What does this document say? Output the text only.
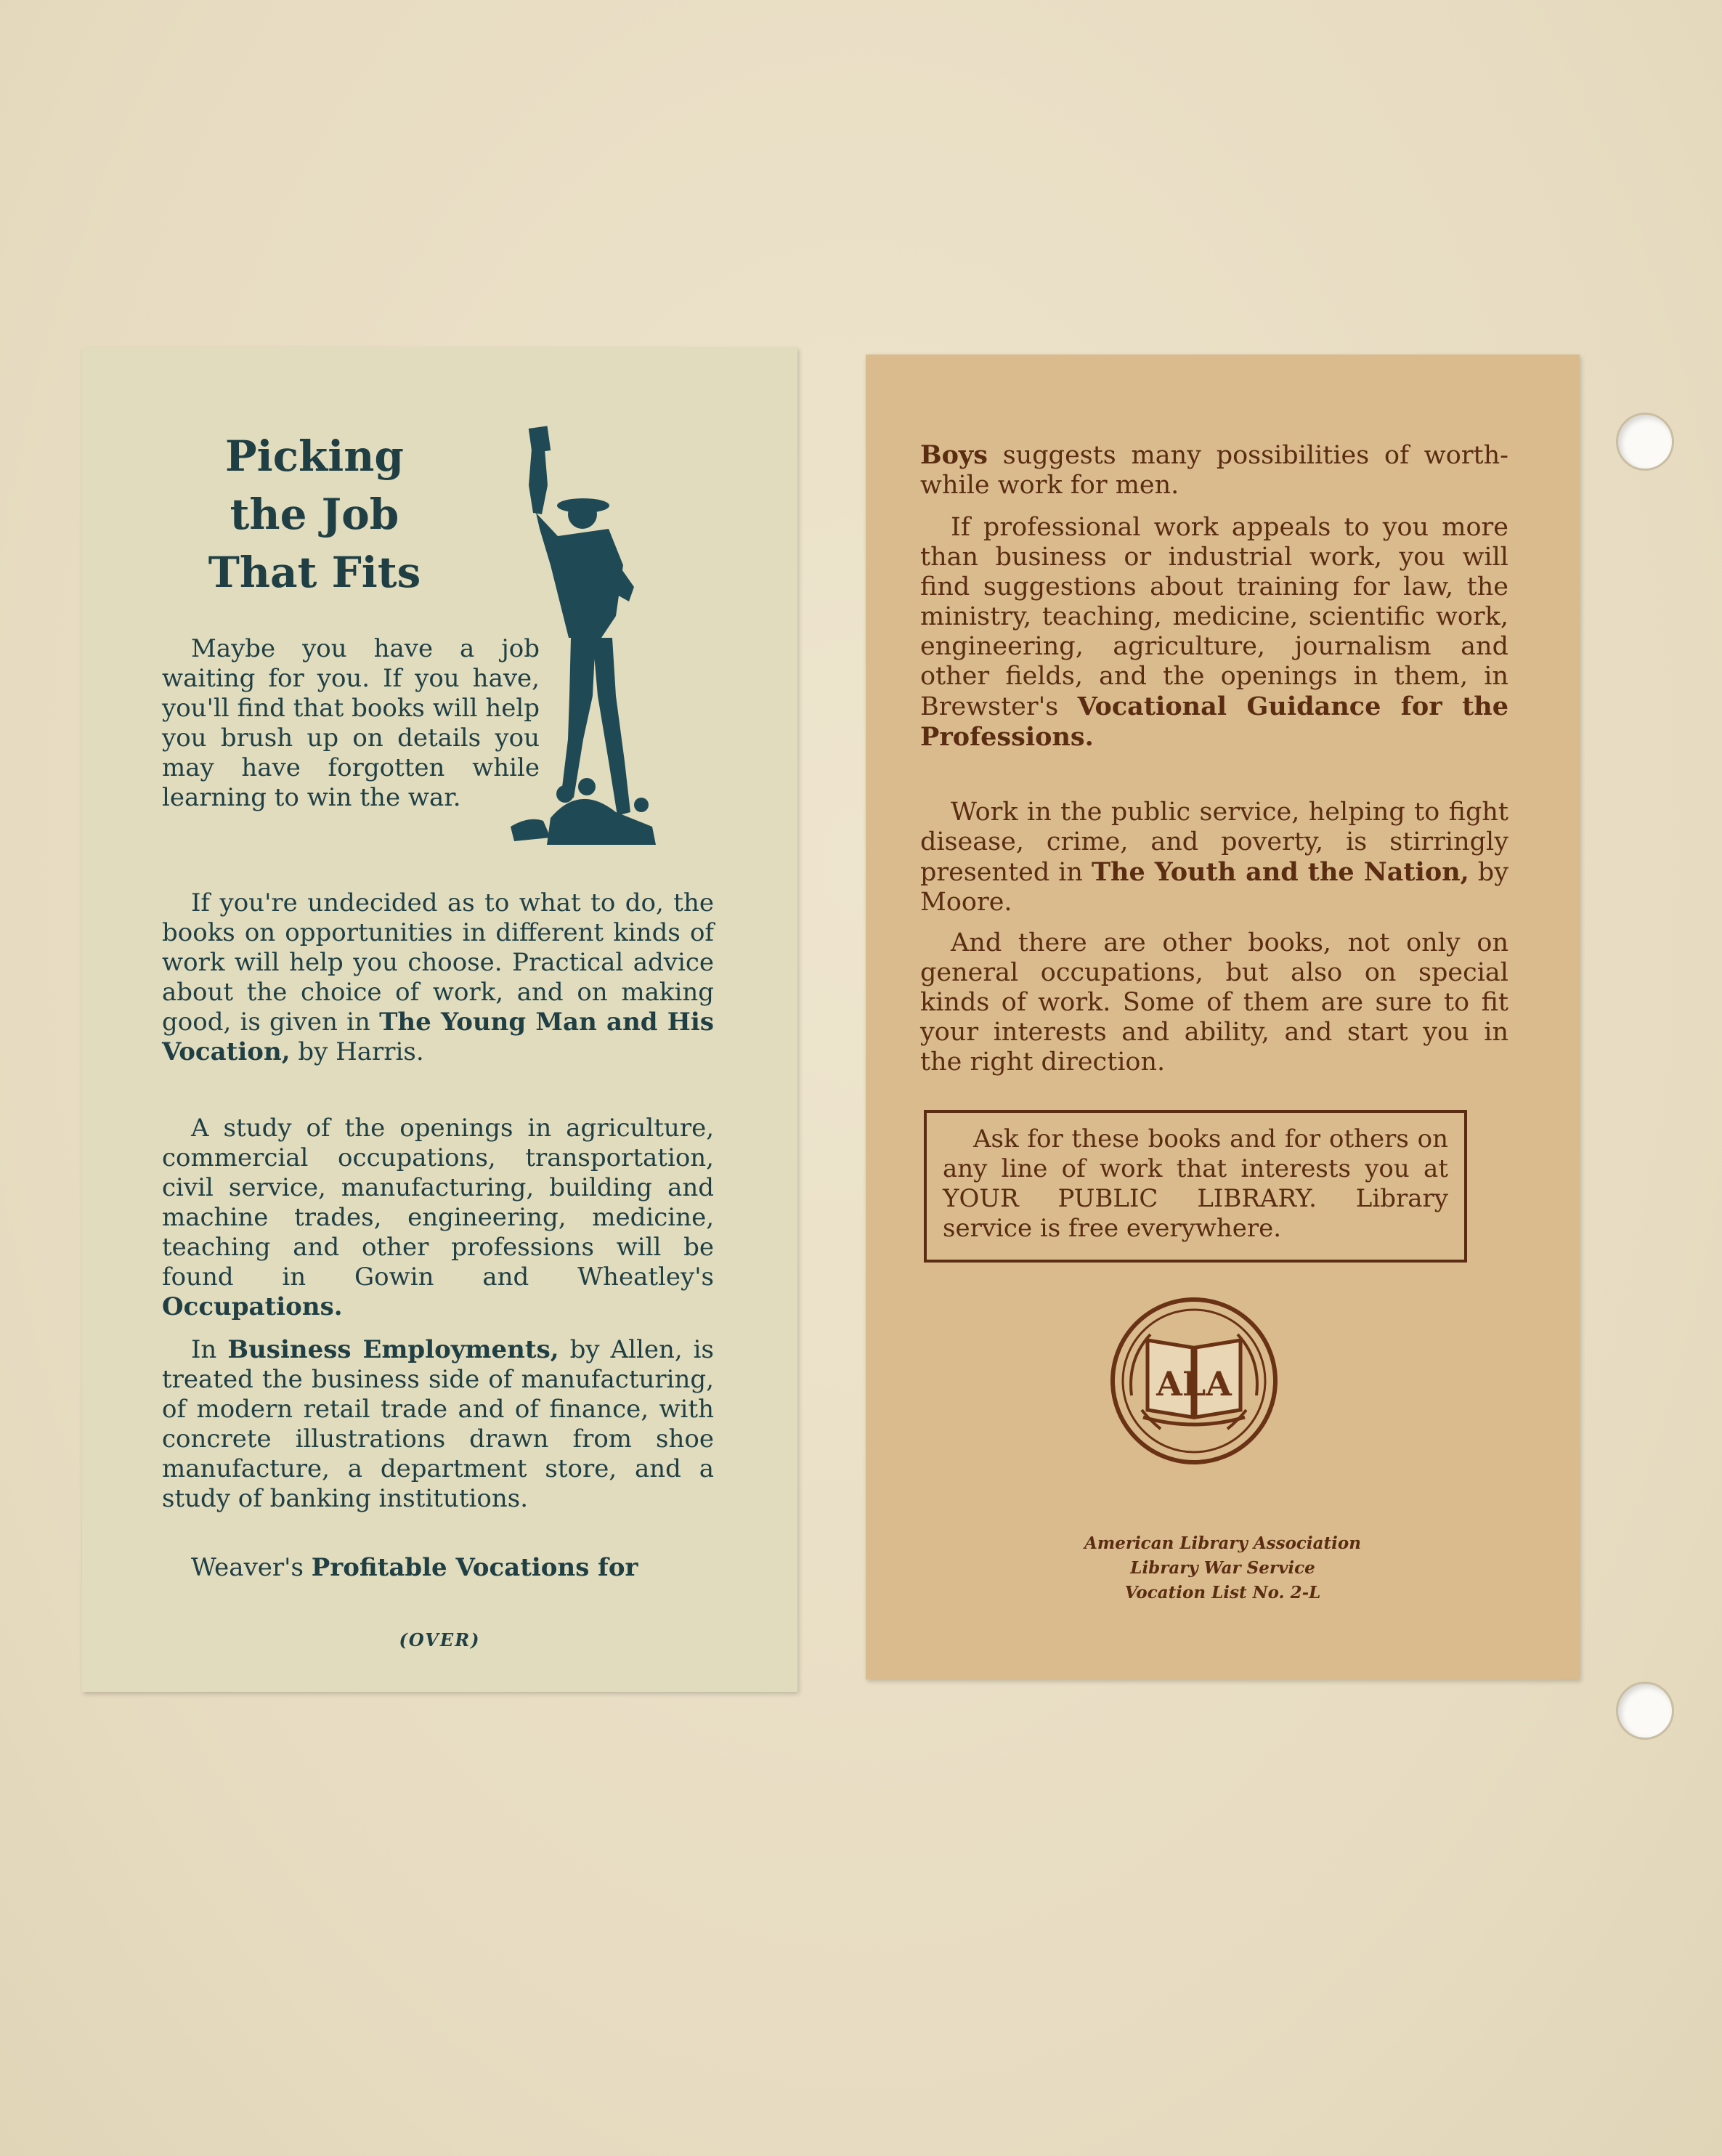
Picking
the Job
That Fits

Maybe you have a job waiting for you. If you have, you'll find that books will help you brush up on details you may have forgotten while learning to win the war.

If you're undecided as to what to do, the books on opportunities in different kinds of work will help you choose. Practical advice about the choice of work, and on making good, is given in The Young Man and His Vocation, by Harris.

A study of the openings in agriculture, commercial occupations, transportation, civil service, manufacturing, building and machine trades, engineering, medicine, teaching and other professions will be found in Gowin and Wheatley's Occupations.

In Business Employments, by Allen, is treated the business side of manufacturing, of modern retail trade and of finance, with concrete illustrations drawn from shoe manufacture, a department store, and a study of banking institutions.

Weaver's Profitable Vocations for

(OVER)

Boys suggests many possibilities of worth-while work for men.

If professional work appeals to you more than business or industrial work, you will find suggestions about training for law, the ministry, teaching, medicine, scientific work, engineering, agriculture, journalism and other fields, and the openings in them, in Brewster's Vocational Guidance for the Professions.

Work in the public service, helping to fight disease, crime, and poverty, is stirringly presented in The Youth and the Nation, by Moore.

And there are other books, not only on general occupations, but also on special kinds of work. Some of them are sure to fit your interests and ability, and start you in the right direction.

Ask for these books and for others on any line of work that interests you at YOUR PUBLIC LIBRARY. Library service is free everywhere.
ALA

American Library Association
Library War Service
Vocation List No. 2-L
